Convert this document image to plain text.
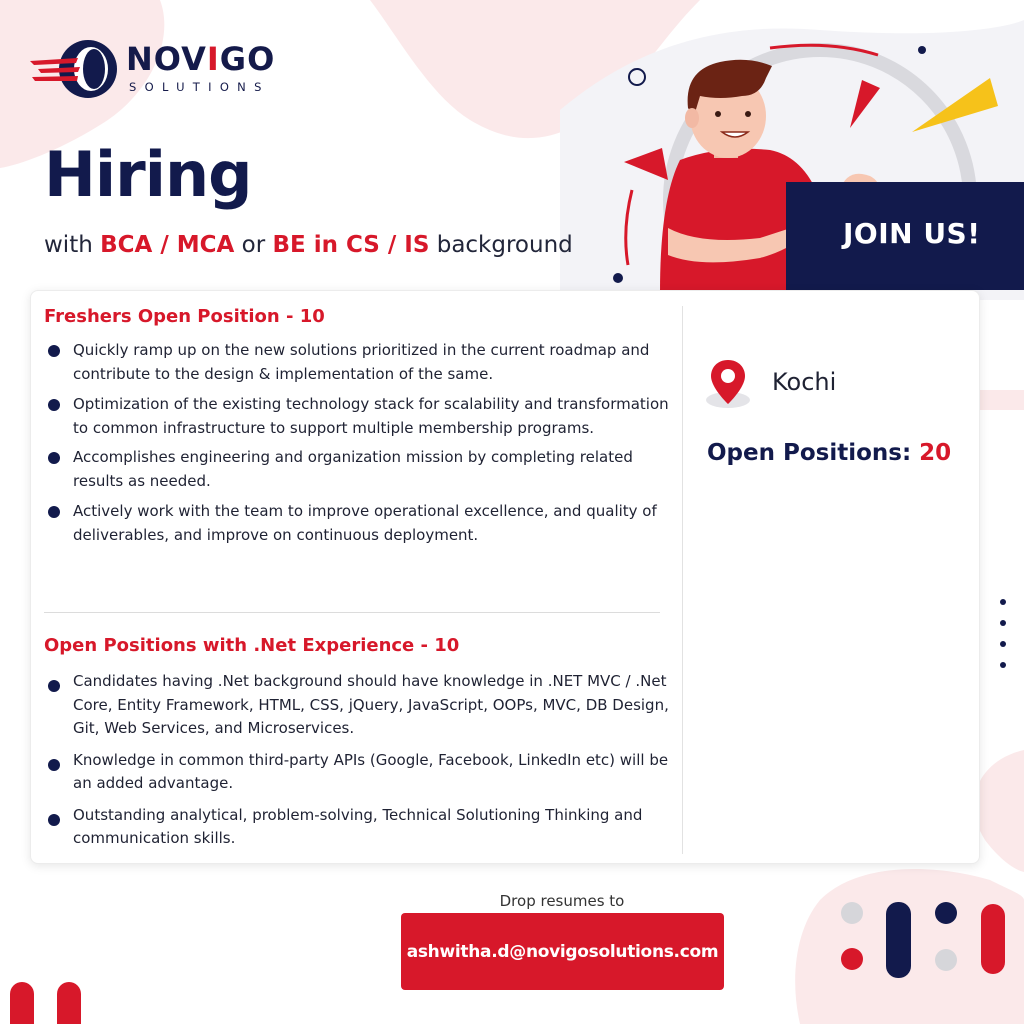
NOVIGO
SOLUTIONS
Hiring
with BCA / MCA or BE in CS / IS background	JOIN US!
Freshers Open Position - 10
Quickly ramp up on the new solutions prioritized in the current roadmap and contribute to the design & implementation of the same.
Optimization of the existing technology stack for scalability and transformation to common infrastructure to support multiple membership programs.
Accomplishes engineering and organization mission by completing related results as needed.
Actively work with the team to improve operational excellence, and quality of deliverables, and improve on continuous deployment.
Open Positions with .Net Experience - 10
Candidates having .Net background should have knowledge in .NET MVC / .Net Core, Entity Framework, HTML, CSS, jQuery, JavaScript, OOPs, MVC, DB Design, Git, Web Services, and Microservices.
Knowledge in common third-party APIs (Google, Facebook, LinkedIn etc) will be an added advantage.
Outstanding analytical, problem-solving, Technical Solutioning Thinking and communication skills.
Kochi
Open Positions: 20
Drop resumes to
ashwitha.d@novigosolutions.com
